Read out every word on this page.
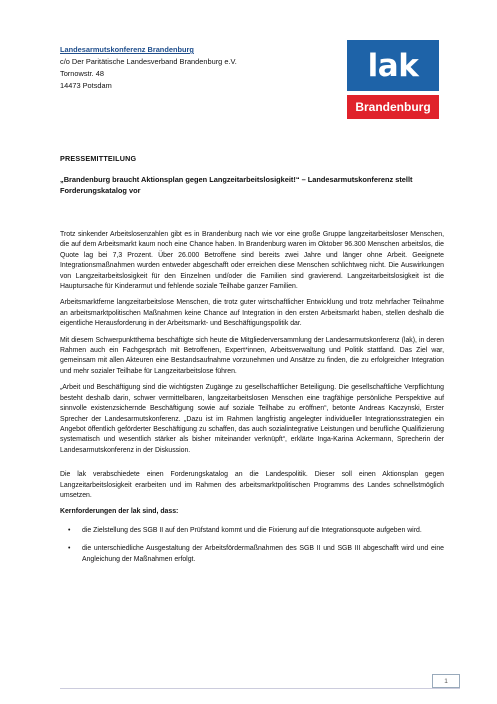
Landesarmutskonferenz Brandenburg
c/o Der Paritätische Landesverband Brandenburg e.V.
Tornowstr. 48
14473 Potsdam
lak
Brandenburg
PRESSEMITTEILUNG
„Brandenburg braucht Aktionsplan gegen Langzeitarbeitslosigkeit!“ – Landesarmutskonferenz stellt Forderungskatalog vor

Trotz sinkender Arbeitslosenzahlen gibt es in Brandenburg nach wie vor eine große Gruppe langzeitarbeitsloser Menschen, die auf dem Arbeitsmarkt kaum noch eine Chance haben. In Brandenburg waren im Oktober 96.300 Menschen arbeitslos, die Quote lag bei 7,3 Prozent. Über 26.000 Betroffene sind bereits zwei Jahre und länger ohne Arbeit. Geeignete Integrationsmaßnahmen wurden entweder abgeschafft oder erreichen diese Menschen schlichtweg nicht. Die Auswirkungen von Langzeitarbeitslosigkeit für den Einzelnen und/oder die Familien sind gravierend. Langzeitarbeitslosigkeit ist die Hauptursache für Kinderarmut und fehlende soziale Teilhabe ganzer Familien.

Arbeitsmarktferne langzeitarbeitslose Menschen, die trotz guter wirtschaftlicher Entwicklung und trotz mehrfacher Teilnahme an arbeitsmarktpolitischen Maßnahmen keine Chance auf Integration in den ersten Arbeitsmarkt haben, stellen deshalb die eigentliche Herausforderung in der Arbeitsmarkt- und Beschäftigungspolitik dar.

Mit diesem Schwerpunktthema beschäftigte sich heute die Mitgliederversammlung der Landesarmutskonferenz (lak), in deren Rahmen auch ein Fachgespräch mit Betroffenen, Expert*innen, Arbeitsverwaltung und Politik stattfand. Das Ziel war, gemeinsam mit allen Akteuren eine Bestandsaufnahme vorzunehmen und Ansätze zu finden, die zu erfolgreicher Integration und mehr sozialer Teilhabe für Langzeitarbeitslose führen.

„Arbeit und Beschäftigung sind die wichtigsten Zugänge zu gesellschaftlicher Beteiligung. Die gesellschaftliche Verpflichtung besteht deshalb darin, schwer vermittelbaren, langzeitarbeitslosen Menschen eine tragfähige persönliche Perspektive auf sinnvolle existenzsichernde Beschäftigung sowie auf soziale Teilhabe zu eröffnen“, betonte Andreas Kaczynski, Erster Sprecher der Landesarmutskonferenz. „Dazu ist im Rahmen langfristig angelegter individueller Integrationsstrategien ein Angebot öffentlich geförderter Beschäftigung zu schaffen, das auch sozialintegrative Leistungen und berufliche Qualifizierung systematisch und wesentlich stärker als bisher miteinander verknüpft“, erklärte Inga-Karina Ackermann, Sprecherin der Landesarmutskonferenz in der Diskussion.

Die lak verabschiedete einen Forderungskatalog an die Landespolitik. Dieser soll einen Aktionsplan gegen Langzeitarbeitslosigkeit erarbeiten und im Rahmen des arbeitsmarktpolitischen Programms des Landes schnellstmöglich umsetzen.

Kernforderungen der lak sind, dass:

• die Zielstellung des SGB II auf den Prüfstand kommt und die Fixierung auf die Integrationsquote aufgeben wird.
• die unterschiedliche Ausgestaltung der Arbeitsfördermaßnahmen des SGB II und SGB III abgeschafft wird und eine Angleichung der Maßnahmen erfolgt.
1
